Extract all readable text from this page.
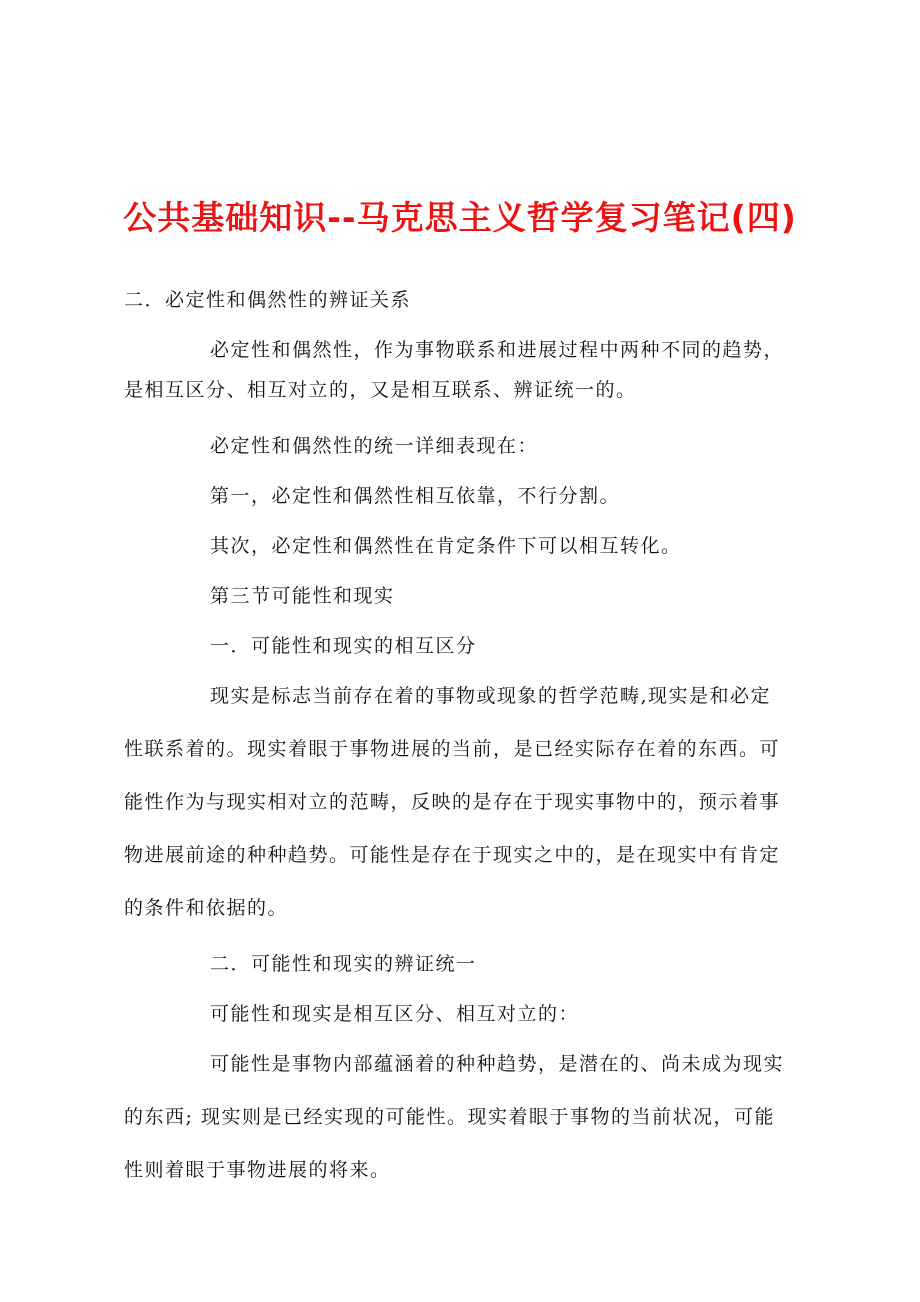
公共基础知识--马克思主义哲学复习笔记(四)
二．必定性和偶然性的辨证关系
必定性和偶然性，作为事物联系和进展过程中两种不同的趋势，
是相互区分、相互对立的，又是相互联系、辨证统一的。
必定性和偶然性的统一详细表现在：
第一，必定性和偶然性相互依靠，不行分割。
其次，必定性和偶然性在肯定条件下可以相互转化。
第三节可能性和现实
一．可能性和现实的相互区分
现实是标志当前存在着的事物或现象的哲学范畴,现实是和必定
性联系着的。现实着眼于事物进展的当前，是已经实际存在着的东西。可
能性作为与现实相对立的范畴，反映的是存在于现实事物中的，预示着事
物进展前途的种种趋势。可能性是存在于现实之中的，是在现实中有肯定
的条件和依据的。
二．可能性和现实的辨证统一
可能性和现实是相互区分、相互对立的：
可能性是事物内部蕴涵着的种种趋势，是潜在的、尚未成为现实
的东西; 现实则是已经实现的可能性。现实着眼于事物的当前状况，可能
性则着眼于事物进展的将来。
